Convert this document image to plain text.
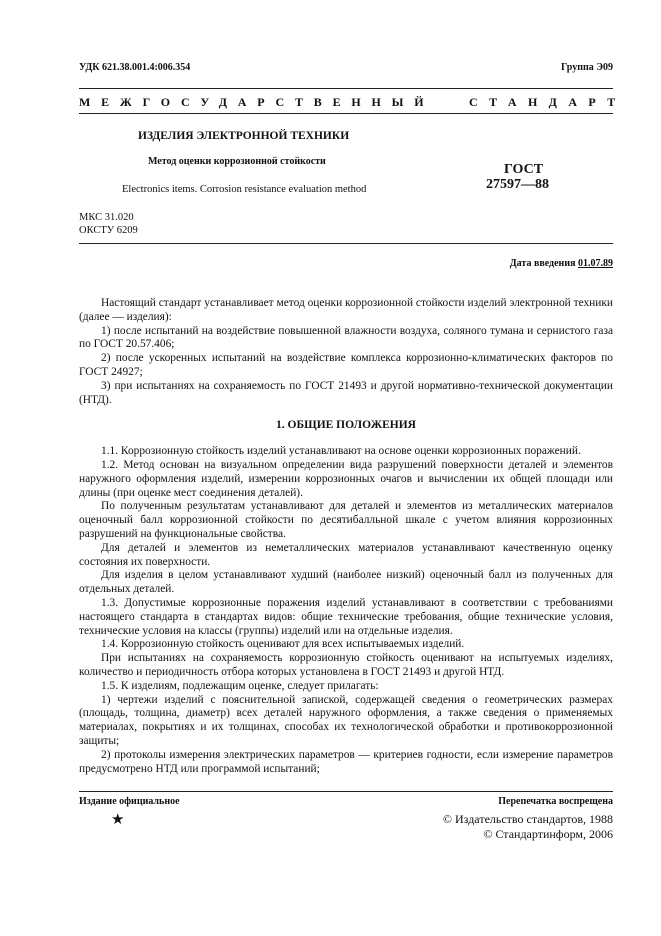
УДК 621.38.001.4:006.354	Группа Э09
МЕЖГОСУДАРСТВЕННЫЙ	СТАНДАРТ
ИЗДЕЛИЯ ЭЛЕКТРОННОЙ ТЕХНИКИ
Метод оценки коррозионной стойкости
Electronics items. Corrosion resistance evaluation method
ГОСТ
27597—88
МКС 31.020
ОКСТУ 6209
Дата введения 01.07.89

Настоящий стандарт устанавливает метод оценки коррозионной стойкости изделий электронной техники (далее — изделия):

1) после испытаний на воздействие повышенной влажности воздуха, соляного тумана и сернистого газа по ГОСТ 20.57.406;

2) после ускоренных испытаний на воздействие комплекса коррозионно-климатических факторов по ГОСТ 24927;

3) при испытаниях на сохраняемость по ГОСТ 21493 и другой нормативно-технической документации (НТД).

1. ОБЩИЕ ПОЛОЖЕНИЯ

1.1. Коррозионную стойкость изделий устанавливают на основе оценки коррозионных поражений.

1.2. Метод основан на визуальном определении вида разрушений поверхности деталей и элементов наружного оформления изделий, измерении коррозионных очагов и вычислении их общей площади или длины (при оценке мест соединения деталей).

По полученным результатам устанавливают для деталей и элементов из металлических материалов оценочный балл коррозионной стойкости по десятибалльной шкале с учетом влияния коррозионных разрушений на функциональные свойства.

Для деталей и элементов из неметаллических материалов устанавливают качественную оценку состояния их поверхности.

Для изделия в целом устанавливают худший (наиболее низкий) оценочный балл из полученных для отдельных деталей.

1.3. Допустимые коррозионные поражения изделий устанавливают в соответствии с требованиями настоящего стандарта в стандартах видов: общие технические требования, общие технические условия, технические условия на классы (группы) изделий или на отдельные изделия.

1.4. Коррозионную стойкость оценивают для всех испытываемых изделий.

При испытаниях на сохраняемость коррозионную стойкость оценивают на испытуемых изделиях, количество и периодичность отбора которых установлена в ГОСТ 21493 и другой НТД.

1.5. К изделиям, подлежащим оценке, следует прилагать:

1) чертежи изделий с пояснительной запиской, содержащей сведения о геометрических размерах (площадь, толщина, диаметр) всех деталей наружного оформления, а также сведения о применяемых материалах, покрытиях и их толщинах, способах их технологической обработки и противокоррозионной защиты;

2) протоколы измерения электрических параметров — критериев годности, если измерение параметров предусмотрено НТД или программой испытаний;

Издание официальное	Перепечатка воспрещена
★	© Издательство стандартов, 1988
© Стандартинформ, 2006
